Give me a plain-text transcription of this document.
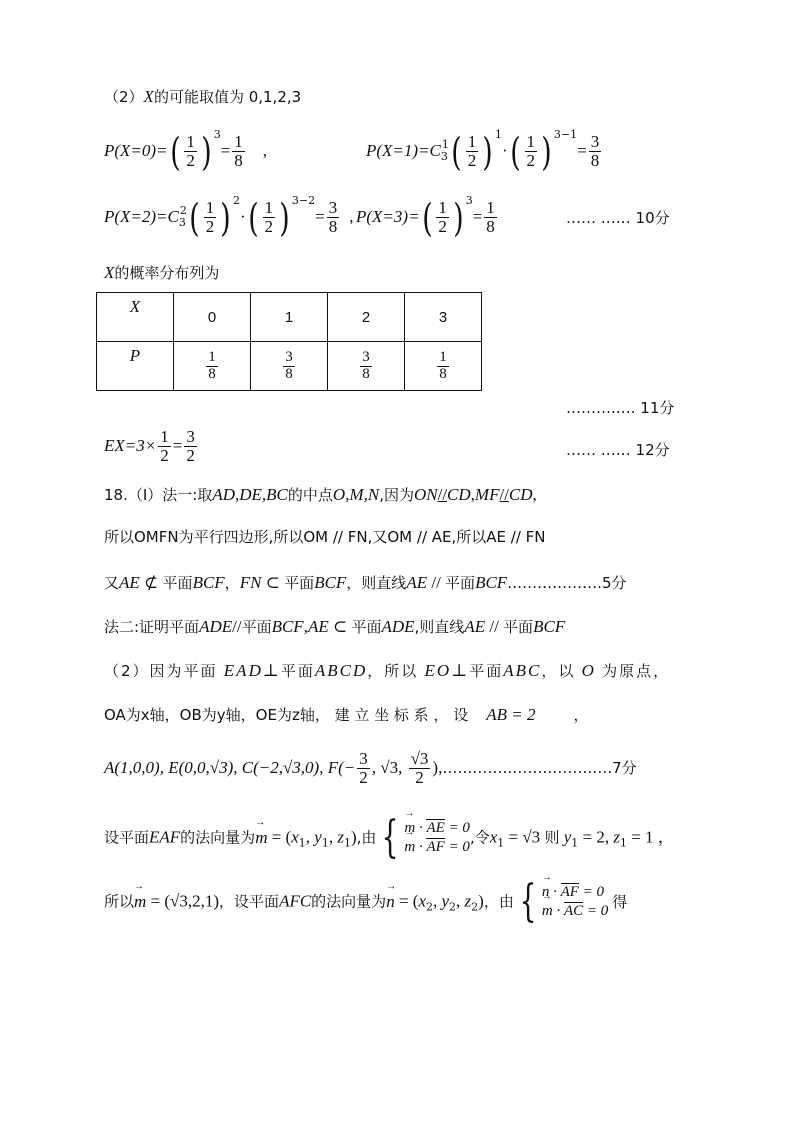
（2）X的可能取值为 0,1,2,3
$P(X=0)=( \frac{1}{2}$ ) $^3= \frac{1}{8}$ ,	$P(X=1)=C_3^1( \frac{1}{2}$ ) $^1\cdot( \frac{1}{2}$ ) $^{3-1}= \frac{3}{8}$
$P(X=2)=C_3^2( \frac{1}{2}$ ) $^2\cdot( \frac{1}{2}$ ) $^{3-2}= \frac{3}{8}$ , $P(X=3)=( \frac{1}{2}$ ) $^3= \frac{1}{8}$	…… …… 10分
X的概率分布列为
X	0	1	2	3
P	$\frac{1}{8}$	$\frac{3}{8}$	$\frac{3}{8}$	$\frac{1}{8}$
……….…. 11分
$EX=3\times \frac{1}{2} = \frac{3}{2}$	…… …… 12分
18.（Ⅰ）法一:取AD,DE,BC的中点O,M,N,因为ON//CD,MF//CD,
所以OMFN为平行四边形,所以OM // FN,又OM // AE,所以AE // FN
又AE ⊄ 平面BCF，FN ⊂ 平面BCF，则直线AE // 平面BCF……………….5分
法二:证明平面ADE//平面BCF,AE ⊂ 平面ADE,则直线AE // 平面BCF
（2）因为平面 EAD⊥平面ABCD，所以 EO⊥平面ABC，以 O 为原点，
OA为x轴，OB为y轴，OE为z轴， 建 立 坐 标 系 ， 设 AB = 2	，
A(1,0,0), E(0,0,√3), C(−2,√3,0), $F(- \frac{3}{2}$ , √3, $\frac{√3}{2}$ ),…………………………….7分
设平面EAF的法向量为→ $m = (x_1$, $y_1$, $z_1$),由 { → m · AE = 0
→ m · AF = 0
,令$x_1 = √3$ 则 $y_1 = 2$, $z_1 = 1$ ，
所以→ m = (√3,2,1)，设平面AFC的法向量为→ $n = (x_2$, $y_2$, $z_2$)，由 { → n · AF = 0
→ m · AC = 0
得
